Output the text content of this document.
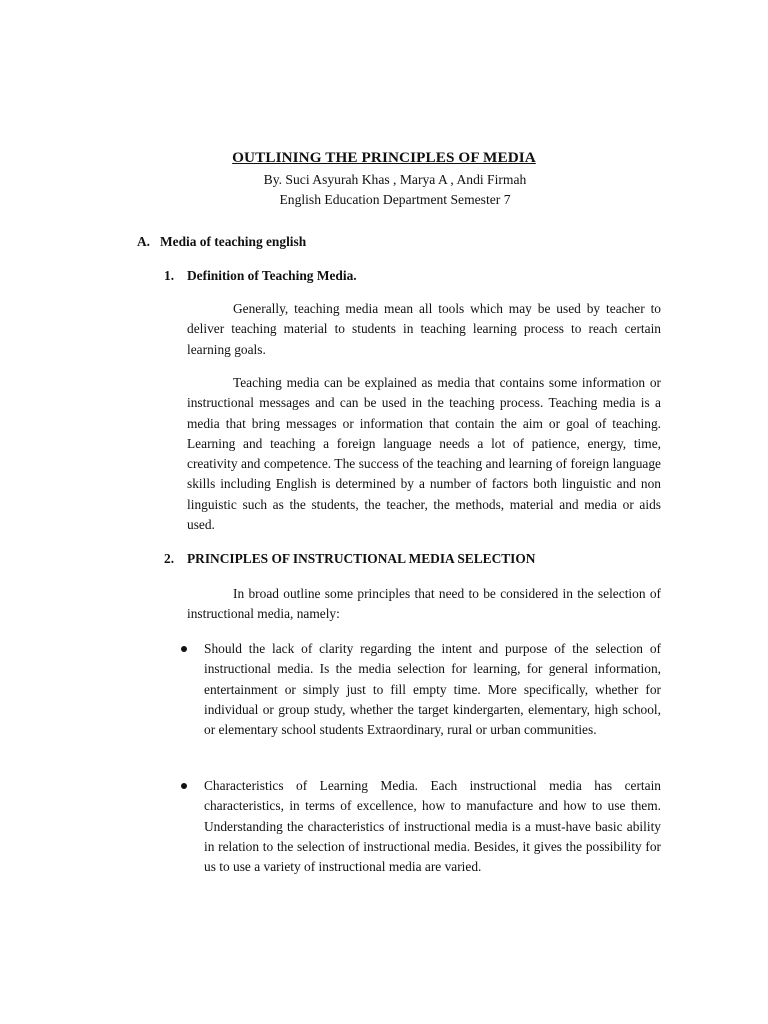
OUTLINING THE PRINCIPLES OF MEDIA
By. Suci Asyurah Khas , Marya A , Andi Firmah
English Education Department Semester 7
A. Media of teaching english
1. Definition of Teaching Media.

Generally, teaching media mean all tools which may be used by teacher to deliver teaching material to students in teaching learning process to reach certain learning goals.

Teaching media can be explained as media that contains some information or instructional messages and can be used in the teaching process. Teaching media is a media that bring messages or information that contain the aim or goal of teaching. Learning and teaching a foreign language needs a lot of patience, energy, time, creativity and competence. The success of the teaching and learning of foreign language skills including English is determined by a number of factors both linguistic and non linguistic such as the students, the teacher, the methods, material and media or aids used.

2. PRINCIPLES OF INSTRUCTIONAL MEDIA SELECTION

In broad outline some principles that need to be considered in the selection of instructional media, namely:

Should the lack of clarity regarding the intent and purpose of the selection of instructional media. Is the media selection for learning, for general information, entertainment or simply just to fill empty time. More specifically, whether for individual or group study, whether the target kindergarten, elementary, high school, or elementary school students Extraordinary, rural or urban communities.

Characteristics of Learning Media. Each instructional media has certain characteristics, in terms of excellence, how to manufacture and how to use them. Understanding the characteristics of instructional media is a must-have basic ability in relation to the selection of instructional media. Besides, it gives the possibility for us to use a variety of instructional media are varied.
